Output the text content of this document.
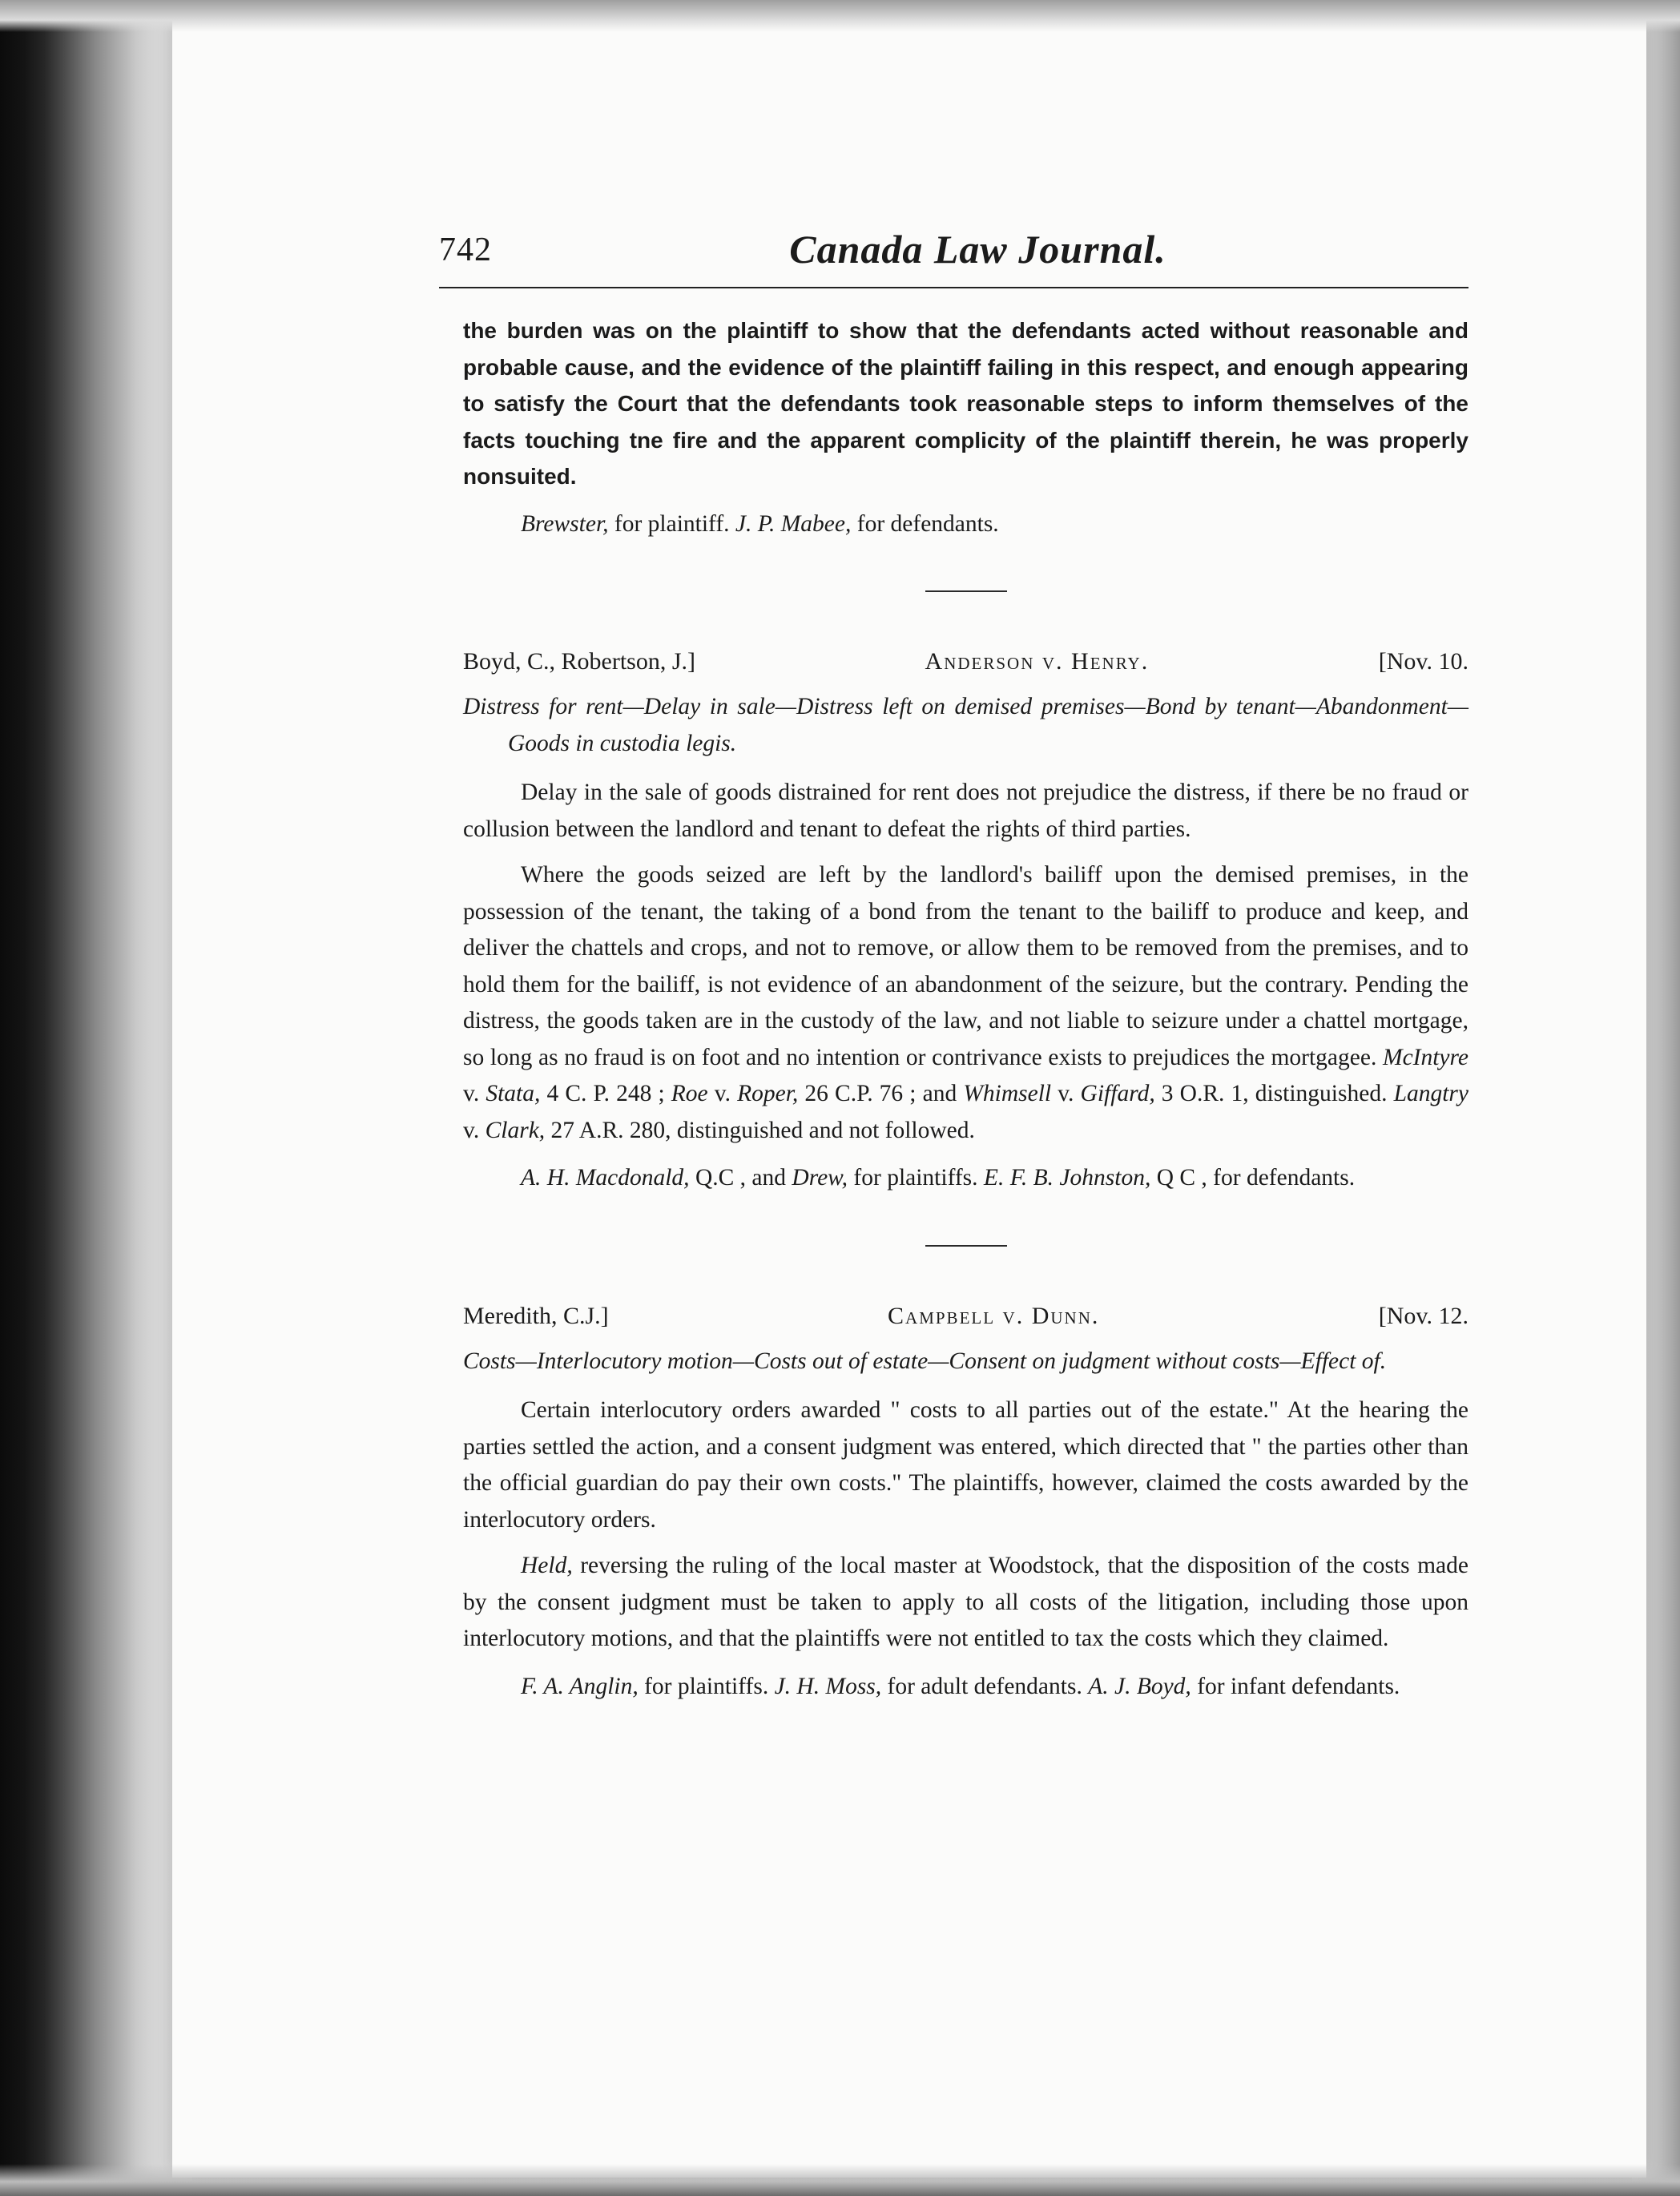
742	Canada Law Journal.

the burden was on the plaintiff to show that the defendants acted without reasonable and probable cause, and the evidence of the plaintiff failing in this respect, and enough appearing to satisfy the Court that the defendants took reasonable steps to inform themselves of the facts touching tne fire and the apparent complicity of the plaintiff therein, he was properly nonsuited.

Brewster, for plaintiff. J. P. Mabee, for defendants.

Boyd, C., Robertson, J.]	Anderson v. Henry.	[Nov. 10.

Distress for rent—Delay in sale—Distress left on demised premises—Bond by tenant—Abandonment—Goods in custodia legis.

Delay in the sale of goods distrained for rent does not prejudice the distress, if there be no fraud or collusion between the landlord and tenant to defeat the rights of third parties.

Where the goods seized are left by the landlord's bailiff upon the demised premises, in the possession of the tenant, the taking of a bond from the tenant to the bailiff to produce and keep, and deliver the chattels and crops, and not to remove, or allow them to be removed from the premises, and to hold them for the bailiff, is not evidence of an abandonment of the seizure, but the contrary. Pending the distress, the goods taken are in the custody of the law, and not liable to seizure under a chattel mortgage, so long as no fraud is on foot and no intention or contrivance exists to prejudices the mortgagee. McIntyre v. Stata, 4 C. P. 248 ; Roe v. Roper, 26 C.P. 76 ; and Whimsell v. Giffard, 3 O.R. 1, distinguished. Langtry v. Clark, 27 A.R. 280, distinguished and not followed.

A. H. Macdonald, Q.C , and Drew, for plaintiffs. E. F. B. Johnston, Q C , for defendants.

Meredith, C.J.]	Campbell v. Dunn.	[Nov. 12.

Costs—Interlocutory motion—Costs out of estate—Consent on judgment without costs—Effect of.

Certain interlocutory orders awarded " costs to all parties out of the estate." At the hearing the parties settled the action, and a consent judgment was entered, which directed that " the parties other than the official guardian do pay their own costs." The plaintiffs, however, claimed the costs awarded by the interlocutory orders.

Held, reversing the ruling of the local master at Woodstock, that the disposition of the costs made by the consent judgment must be taken to apply to all costs of the litigation, including those upon interlocutory motions, and that the plaintiffs were not entitled to tax the costs which they claimed.

F. A. Anglin, for plaintiffs. J. H. Moss, for adult defendants. A. J. Boyd, for infant defendants.
